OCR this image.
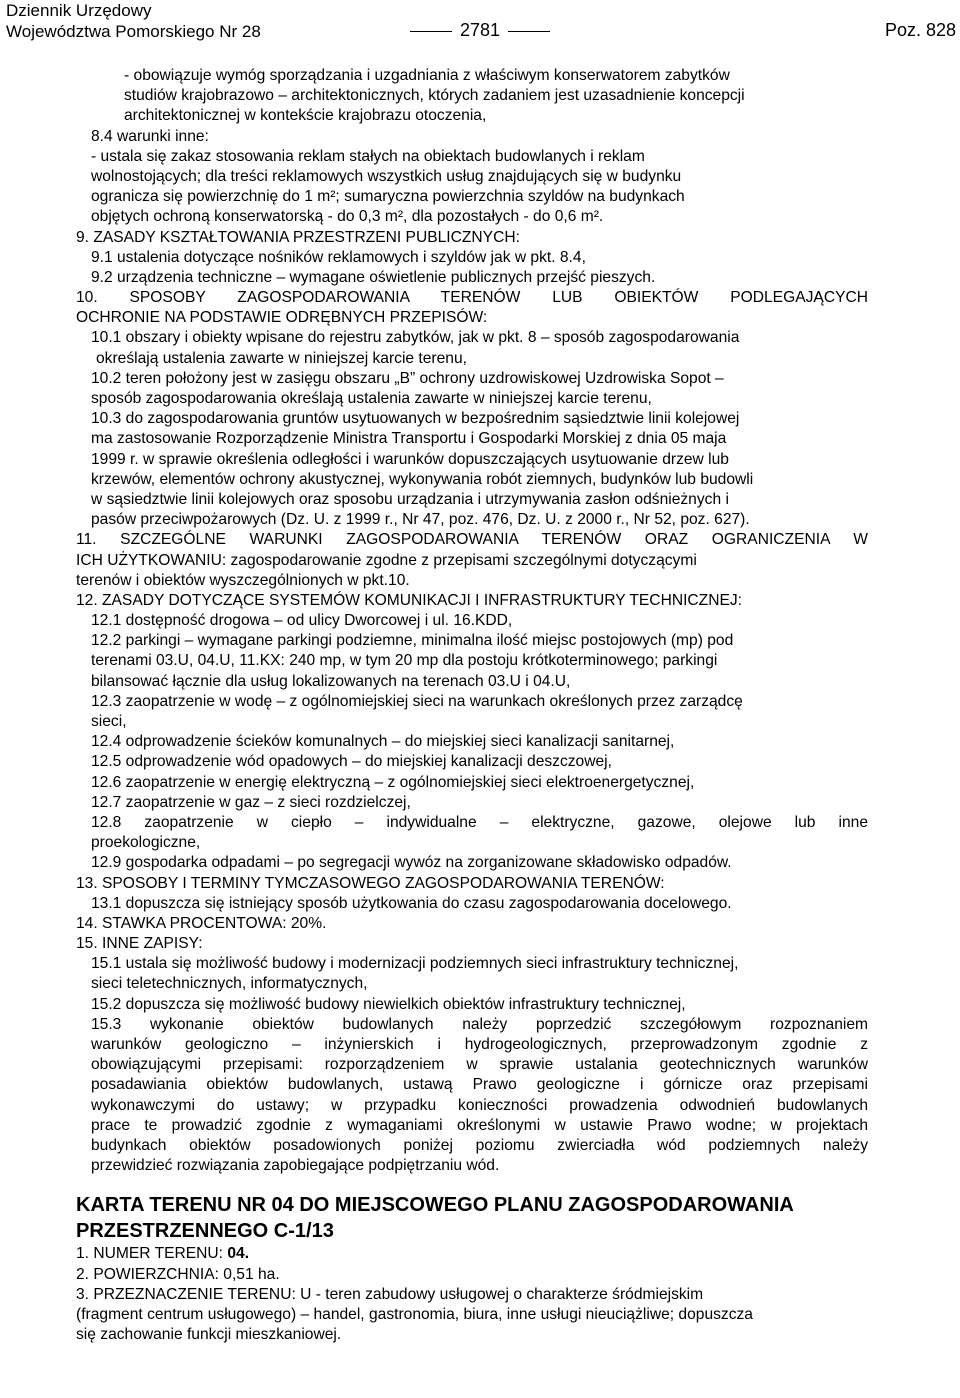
Dziennik Urzędowy
Województwa Pomorskiego Nr 28	2781	Poz. 828
- obowiązuje wymóg sporządzania i uzgadniania z właściwym konserwatorem zabytków
studiów krajobrazowo – architektonicznych, których zadaniem jest uzasadnienie koncepcji
architektonicznej w kontekście krajobrazu otoczenia,
8.4 warunki inne:
- ustala się zakaz stosowania reklam stałych na obiektach budowlanych i reklam
wolnostojących; dla treści reklamowych wszystkich usług znajdujących się w budynku
ogranicza się powierzchnię do 1 m²; sumaryczna powierzchnia szyldów na budynkach
objętych ochroną konserwatorską - do 0,3 m², dla pozostałych - do 0,6 m².
9. ZASADY KSZTAŁTOWANIA PRZESTRZENI PUBLICZNYCH:
9.1 ustalenia dotyczące nośników reklamowych i szyldów jak w pkt. 8.4,
9.2 urządzenia techniczne – wymagane oświetlenie publicznych przejść pieszych.
10. SPOSOBY ZAGOSPODAROWANIA TERENÓW LUB OBIEKTÓW PODLEGAJĄCYCH
OCHRONIE NA PODSTAWIE ODRĘBNYCH PRZEPISÓW:
10.1 obszary i obiekty wpisane do rejestru zabytków, jak w pkt. 8 – sposób zagospodarowania
określają ustalenia zawarte w niniejszej karcie terenu,
10.2 teren położony jest w zasięgu obszaru „B” ochrony uzdrowiskowej Uzdrowiska Sopot –
sposób zagospodarowania określają ustalenia zawarte w niniejszej karcie terenu,
10.3 do zagospodarowania gruntów usytuowanych w bezpośrednim sąsiedztwie linii kolejowej
ma zastosowanie Rozporządzenie Ministra Transportu i Gospodarki Morskiej z dnia 05 maja
1999 r. w sprawie określenia odległości i warunków dopuszczających usytuowanie drzew lub
krzewów, elementów ochrony akustycznej, wykonywania robót ziemnych, budynków lub budowli
w sąsiedztwie linii kolejowych oraz sposobu urządzania i utrzymywania zasłon odśnieżnych i
pasów przeciwpożarowych (Dz. U. z 1999 r., Nr 47, poz. 476, Dz. U. z 2000 r., Nr 52, poz. 627).
11. SZCZEGÓLNE WARUNKI ZAGOSPODAROWANIA TERENÓW ORAZ OGRANICZENIA W
ICH UŻYTKOWANIU: zagospodarowanie zgodne z przepisami szczególnymi dotyczącymi
terenów i obiektów wyszczególnionych w pkt.10.
12. ZASADY DOTYCZĄCE SYSTEMÓW KOMUNIKACJI I INFRASTRUKTURY TECHNICZNEJ:
12.1 dostępność drogowa – od ulicy Dworcowej i ul. 16.KDD,
12.2 parkingi – wymagane parkingi podziemne, minimalna ilość miejsc postojowych (mp) pod
terenami 03.U, 04.U, 11.KX: 240 mp, w tym 20 mp dla postoju krótkoterminowego; parkingi
bilansować łącznie dla usług lokalizowanych na terenach 03.U i 04.U,
12.3 zaopatrzenie w wodę – z ogólnomiejskiej sieci na warunkach określonych przez zarządcę
sieci,
12.4 odprowadzenie ścieków komunalnych – do miejskiej sieci kanalizacji sanitarnej,
12.5 odprowadzenie wód opadowych – do miejskiej kanalizacji deszczowej,
12.6 zaopatrzenie w energię elektryczną – z ogólnomiejskiej sieci elektroenergetycznej,
12.7 zaopatrzenie w gaz – z sieci rozdzielczej,
12.8 zaopatrzenie w ciepło – indywidualne – elektryczne, gazowe, olejowe lub inne
proekologiczne,
12.9 gospodarka odpadami – po segregacji wywóz na zorganizowane składowisko odpadów.
13. SPOSOBY I TERMINY TYMCZASOWEGO ZAGOSPODAROWANIA TERENÓW:
13.1 dopuszcza się istniejący sposób użytkowania do czasu zagospodarowania docelowego.
14. STAWKA PROCENTOWA: 20%.
15. INNE ZAPISY:
15.1 ustala się możliwość budowy i modernizacji podziemnych sieci infrastruktury technicznej,
sieci teletechnicznych, informatycznych,
15.2 dopuszcza się możliwość budowy niewielkich obiektów infrastruktury technicznej,
15.3 wykonanie obiektów budowlanych należy poprzedzić szczegółowym rozpoznaniem
warunków geologiczno – inżynierskich i hydrogeologicznych, przeprowadzonym zgodnie z
obowiązującymi przepisami: rozporządzeniem w sprawie ustalania geotechnicznych warunków
posadawiania obiektów budowlanych, ustawą Prawo geologiczne i górnicze oraz przepisami
wykonawczymi do ustawy; w przypadku konieczności prowadzenia odwodnień budowlanych
prace te prowadzić zgodnie z wymaganiami określonymi w ustawie Prawo wodne; w projektach
budynkach obiektów posadowionych poniżej poziomu zwierciadła wód podziemnych należy
przewidzieć rozwiązania zapobiegające podpiętrzaniu wód.
KARTA TERENU NR 04 DO MIEJSCOWEGO PLANU ZAGOSPODAROWANIA
PRZESTRZENNEGO C-1/13
1. NUMER TERENU: 04.
2. POWIERZCHNIA: 0,51 ha.
3. PRZEZNACZENIE TERENU: U - teren zabudowy usługowej o charakterze śródmiejskim
(fragment centrum usługowego) – handel, gastronomia, biura, inne usługi nieuciążliwe; dopuszcza
się zachowanie funkcji mieszkaniowej.
